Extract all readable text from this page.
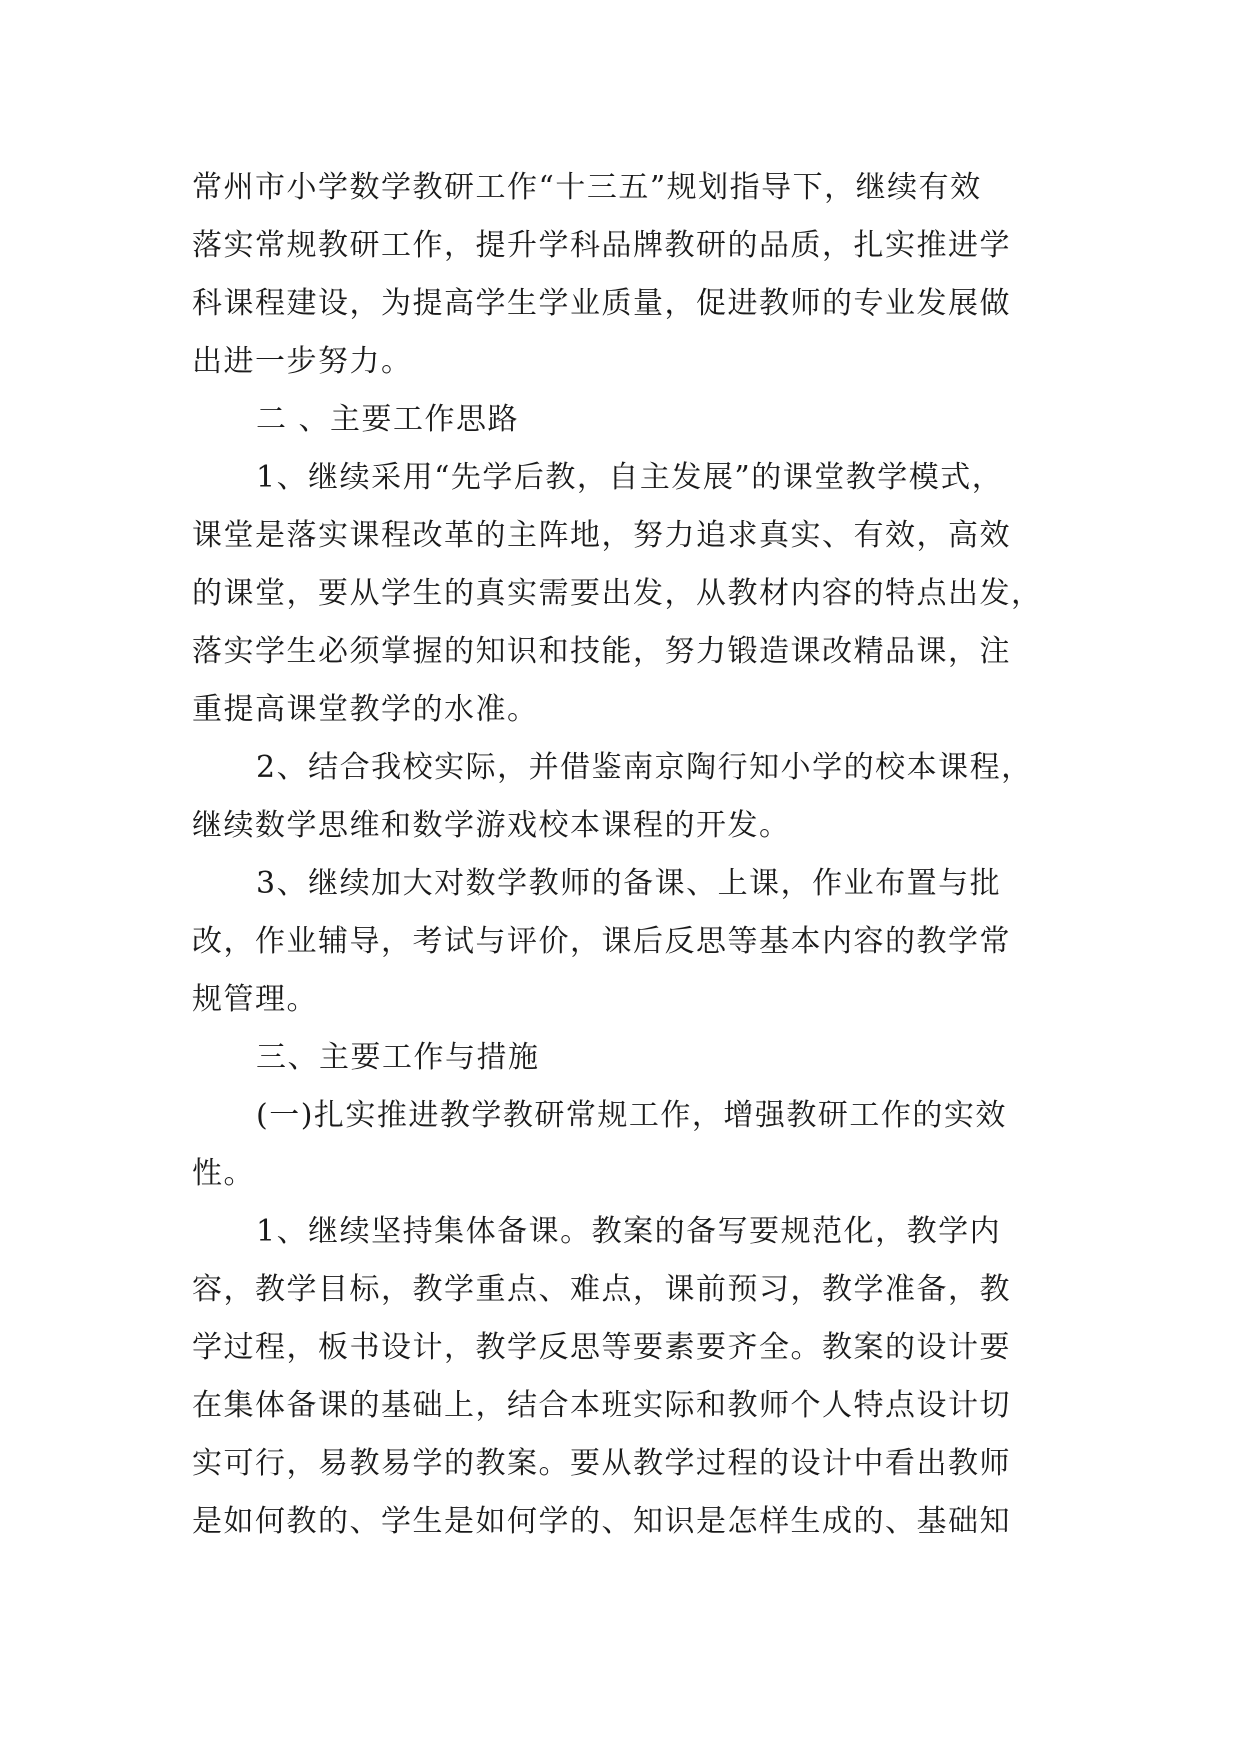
常州市小学数学教研工作“十三五”规划指导下，继续有效
落实常规教研工作，提升学科品牌教研的品质，扎实推进学
科课程建设，为提高学生学业质量，促进教师的专业发展做
出进一步努力。
二 、主要工作思路
1、继续采用“先学后教，自主发展”的课堂教学模式，
课堂是落实课程改革的主阵地，努力追求真实、有效，高效
的课堂，要从学生的真实需要出发，从教材内容的特点出发，
落实学生必须掌握的知识和技能，努力锻造课改精品课，注
重提高课堂教学的水准。
2、结合我校实际，并借鉴南京陶行知小学的校本课程，
继续数学思维和数学游戏校本课程的开发。
3、继续加大对数学教师的备课、上课，作业布置与批
改，作业辅导，考试与评价，课后反思等基本内容的教学常
规管理。
三、主要工作与措施
(一)扎实推进教学教研常规工作，增强教研工作的实效
性。
1、继续坚持集体备课。教案的备写要规范化，教学内
容，教学目标，教学重点、难点，课前预习，教学准备，教
学过程，板书设计，教学反思等要素要齐全。教案的设计要
在集体备课的基础上，结合本班实际和教师个人特点设计切
实可行，易教易学的教案。要从教学过程的设计中看出教师
是如何教的、学生是如何学的、知识是怎样生成的、基础知
